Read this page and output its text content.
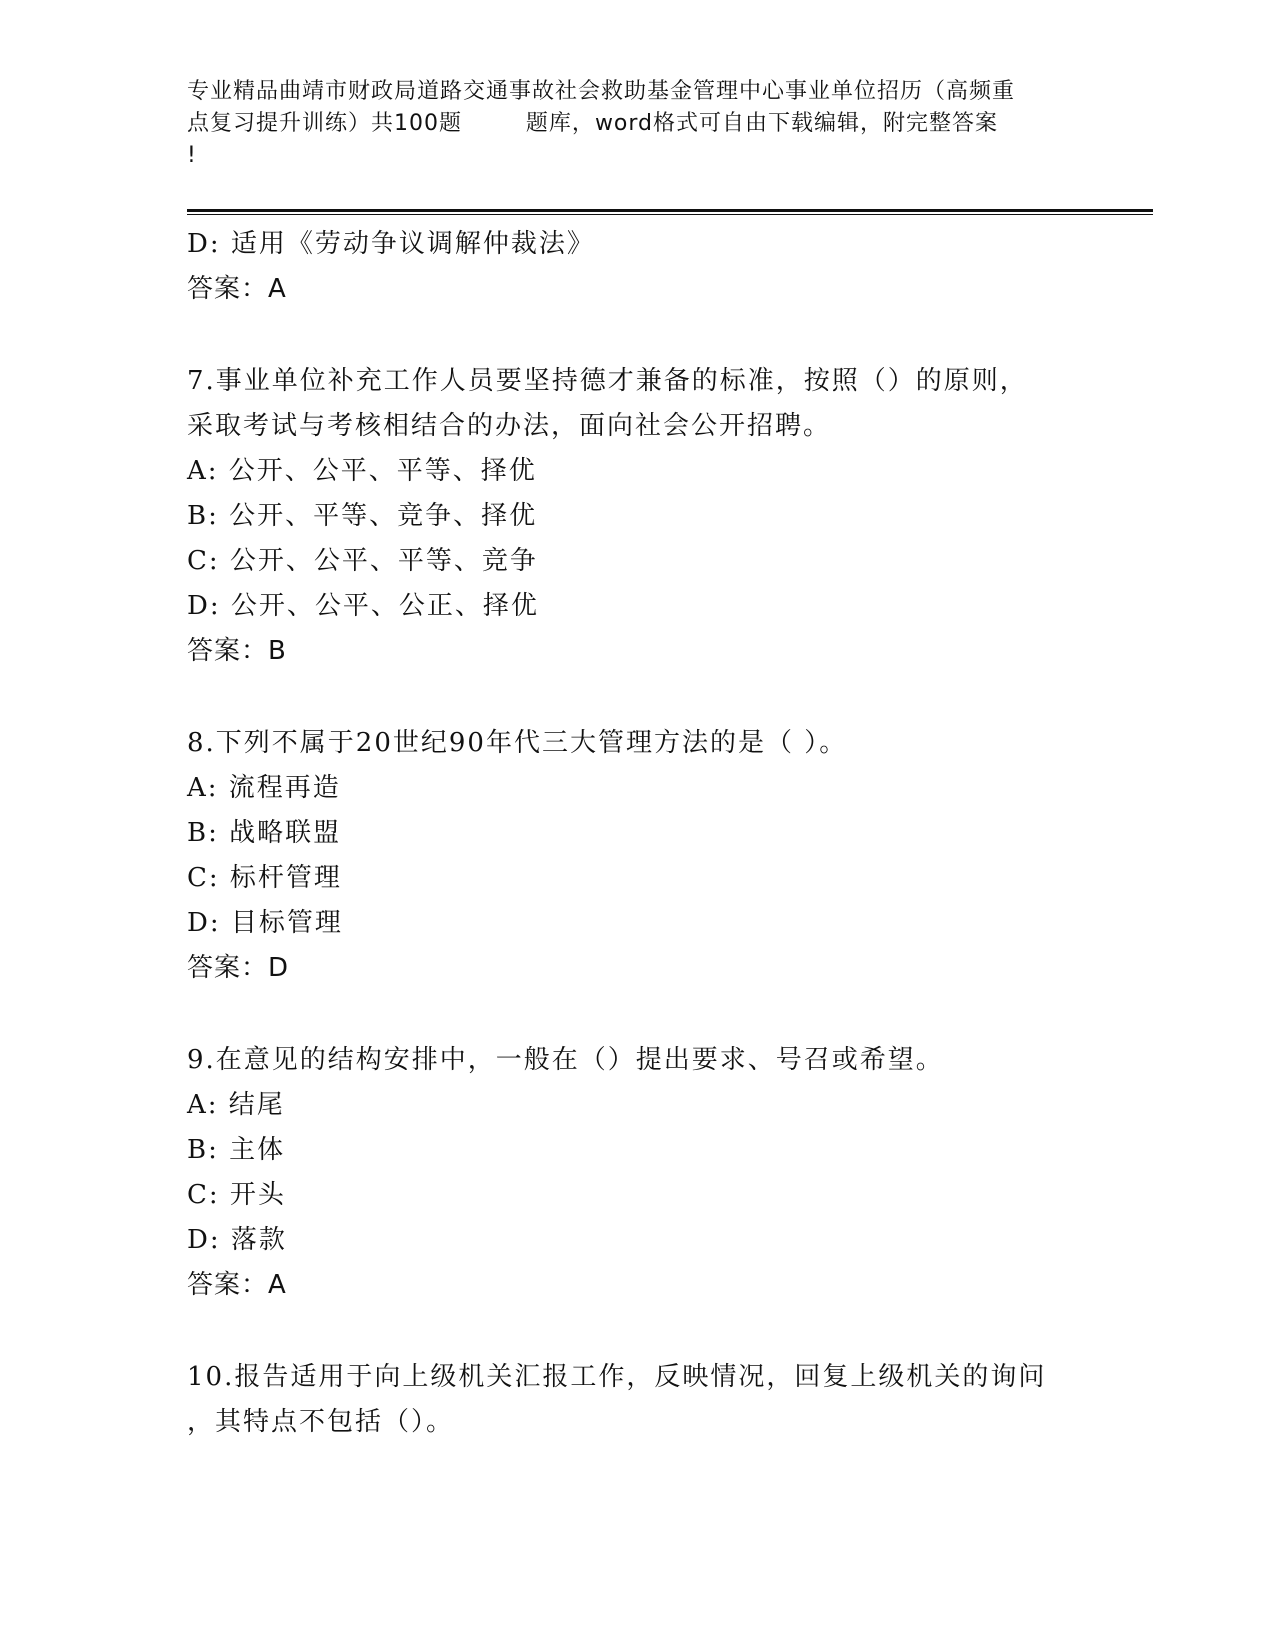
专业精品曲靖市财政局道路交通事故社会救助基金管理中心事业单位招历（高频重
点复习提升训练）共100题        题库，word格式可自由下载编辑，附完整答案
!
D: 适用《劳动争议调解仲裁法》
答案：A
7.事业单位补充工作人员要坚持德才兼备的标准，按照（）的原则，
采取考试与考核相结合的办法，面向社会公开招聘。
A: 公开、公平、平等、择优
B: 公开、平等、竞争、择优
C: 公开、公平、平等、竞争
D: 公开、公平、公正、择优
答案：B
8.下列不属于20世纪90年代三大管理方法的是（ ）。
A: 流程再造
B: 战略联盟
C: 标杆管理
D: 目标管理
答案：D
9.在意见的结构安排中，一般在（）提出要求、号召或希望。
A: 结尾
B: 主体
C: 开头
D: 落款
答案：A
10.报告适用于向上级机关汇报工作，反映情况，回复上级机关的询问
，其特点不包括（）。
